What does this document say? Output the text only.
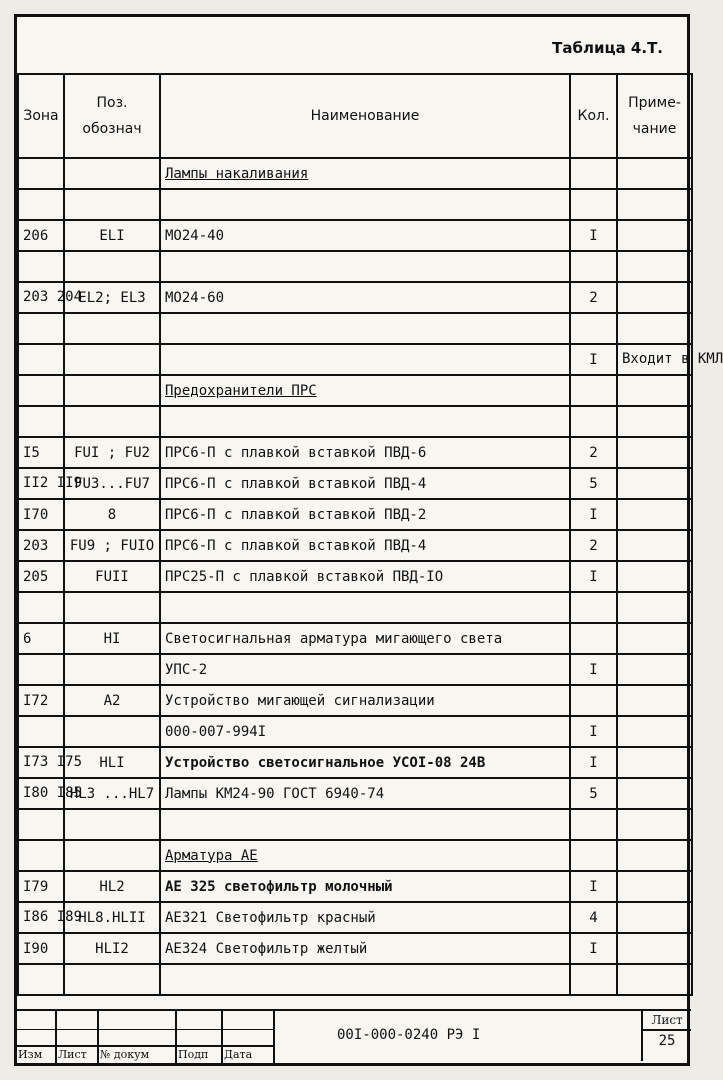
Таблица 4.Т.
Зона	Поз. обознач	Наименование	Кол.	Приме- чание
		Лампы накаливания		

206	ELI	МО24-40	I	

203 204	EL2; EL3	МО24-60	2	

			I	Входит в КМЛ
		Предохранители ПРС		

I5	FUI ; FU2	ПРС6-П с плавкой вставкой ПВД-6	2	
II2 II9	FU3...FU7	ПРС6-П с плавкой вставкой ПВД-4	5	
I70	8	ПРС6-П с плавкой вставкой ПВД-2	I	
203	FU9 ; FUIO	ПРС6-П с плавкой вставкой ПВД-4	2	
205	FUII	ПРС25-П с плавкой вставкой ПВД-IO	I	

6	HI	Светосигнальная арматура мигающего света		
		УПС-2	I	
I72	A2	Устройство мигающей сигнализации		
		000-007-994I	I	
I73 I75	HLI	Устройство светосигнальное УСОI-08 24В	I	
I80 I85	HL3 ...HL7	Лампы КМ24-90 ГОСТ 6940-74	5	

		Арматура АЕ		
I79	HL2	АЕ 325 светофильтр молочный	I	
I86 I89	HL8.HLII	АЕ321 Светофильтр красный	4	
I90	HLI2	АЕ324 Светофильтр желтый	I	

Изм	Лист	№ докум	Подп	Дата
00I-000-0240 РЭ I
Лист
25
